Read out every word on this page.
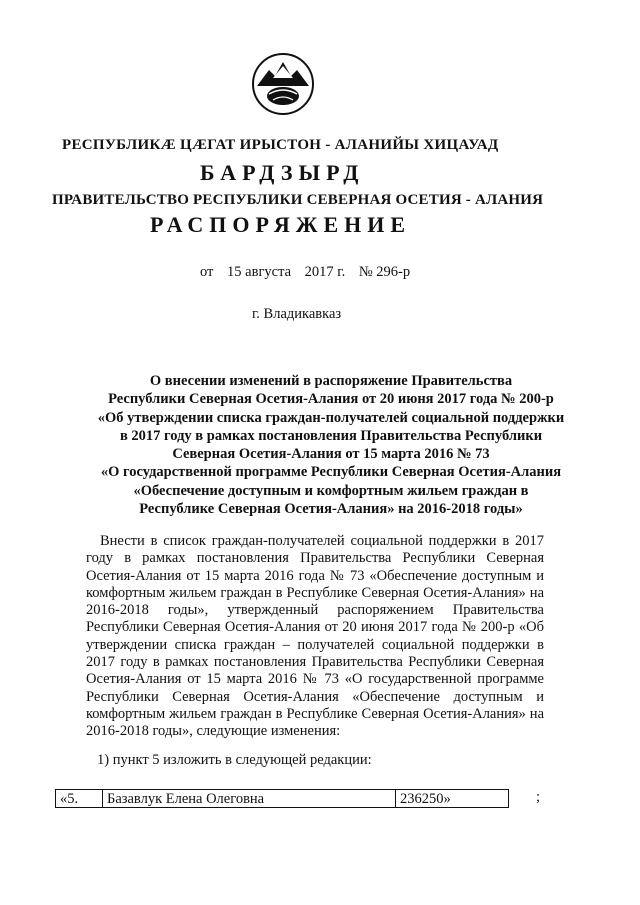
РЕСПУБЛИКӔ ЦӔГАТ ИРЫСТОН - АЛАНИЙЫ ХИЦАУАД
БАРДЗЫРД
ПРАВИТЕЛЬСТВО РЕСПУБЛИКИ СЕВЕРНАЯ ОСЕТИЯ - АЛАНИЯ
РАСПОРЯЖЕНИЕ
от 15 августа 2017 г. № 296-р
г. Владикавказ
О внесении изменений в распоряжение Правительства
Республики Северная Осетия-Алания от 20 июня 2017 года № 200-р
«Об утверждении списка граждан-получателей социальной поддержки
в 2017 году в рамках постановления Правительства Республики
Северная Осетия-Алания от 15 марта 2016 № 73
«О государственной программе Республики Северная Осетия-Алания
«Обеспечение доступным и комфортным жильем граждан в
Республике Северная Осетия-Алания» на 2016-2018 годы»
Внести в список граждан-получателей социальной поддержки в 2017 году в рамках постановления Правительства Республики Северная Осетия-Алания от 15 марта 2016 года № 73 «Обеспечение доступным и комфортным жильем граждан в Республике Северная Осетия-Алания» на 2016-2018 годы», утвержденный распоряжением Правительства Республики Северная Осетия-Алания от 20 июня 2017 года № 200-р «Об утверждении списка граждан – получателей социальной поддержки в 2017 году в рамках постановления Правительства Республики Северная Осетия-Алания от 15 марта 2016 № 73 «О государственной программе Республики Северная Осетия-Алания «Обеспечение доступным и комфортным жильем граждан в Республике Северная Осетия-Алания» на 2016-2018 годы», следующие изменения:
1) пункт 5 изложить в следующей редакции:
«5.	Базавлук Елена Олеговна	236250»	;
